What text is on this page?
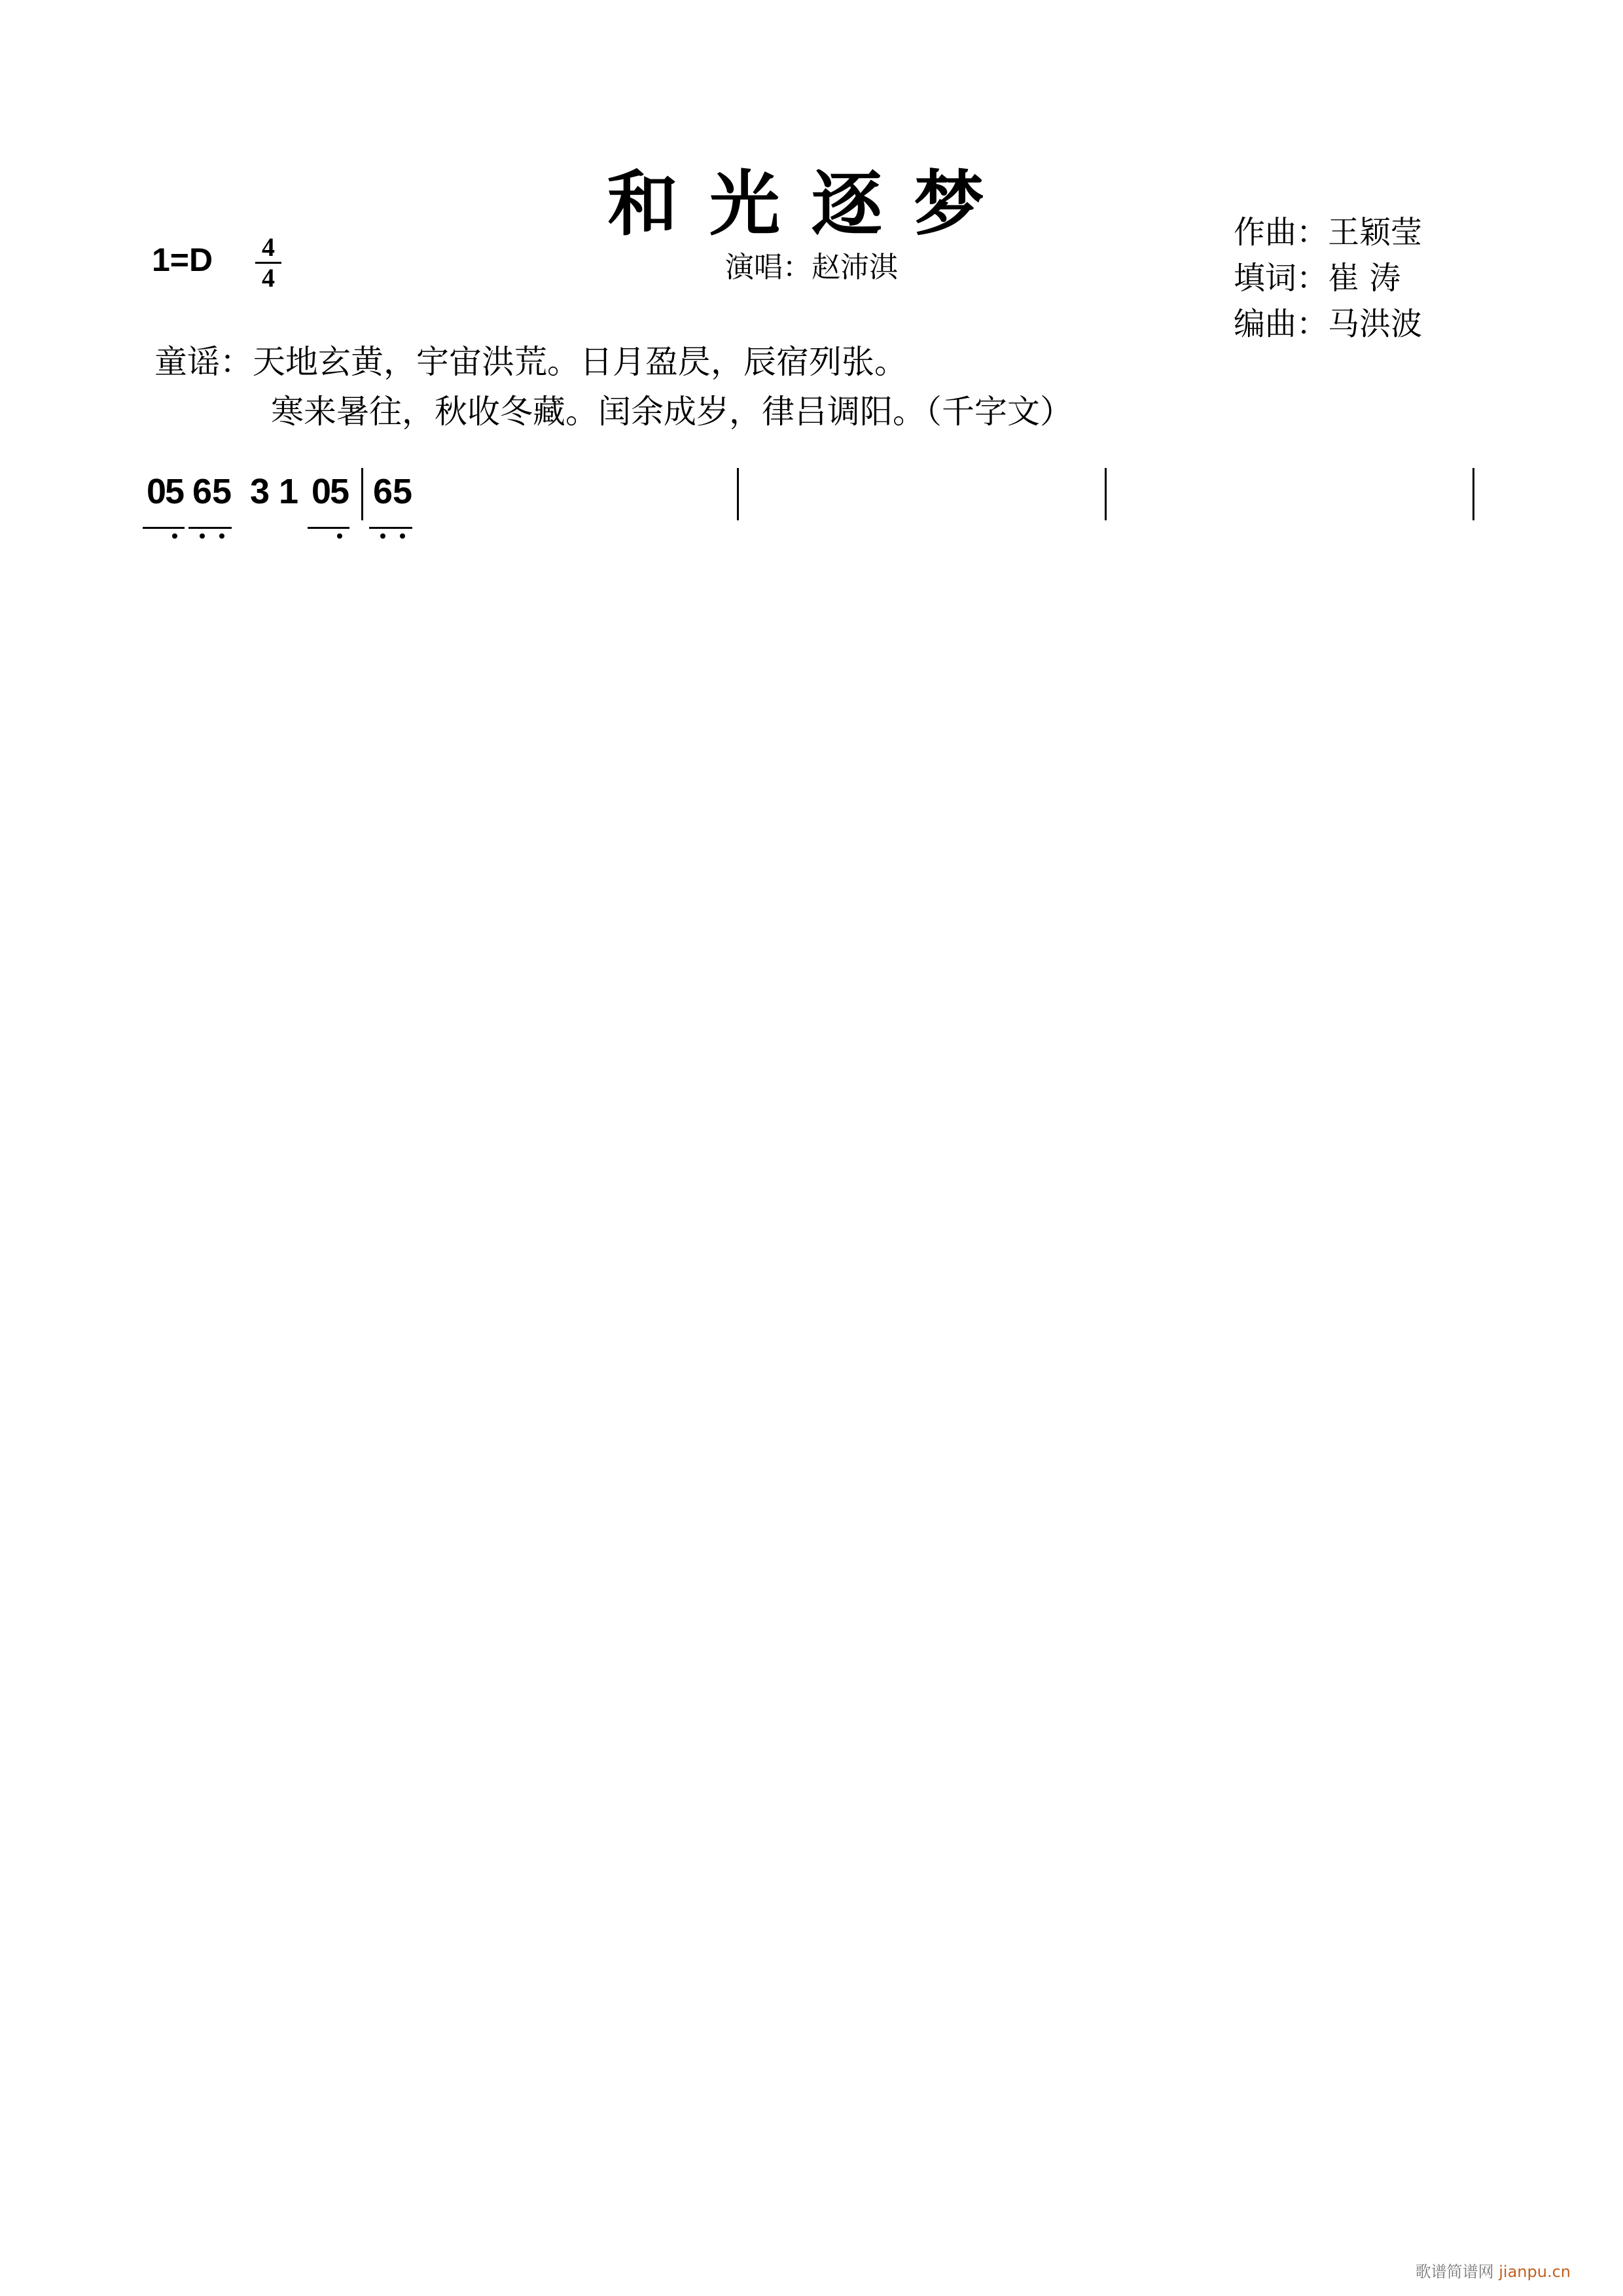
和光逐梦
1=D 4
4	演唱：赵沛淇
作曲：王颖莹
填词：崔 涛
编曲：马洪波
童谣：天地玄黄，宇宙洪荒。日月盈昃，辰宿列张。
寒来暑往，秋收冬藏。闰余成岁，律吕调阳。（千字文）
0
5 6 5 3 1 0
5 6 5
歌谱简谱网 jianpu.cn
